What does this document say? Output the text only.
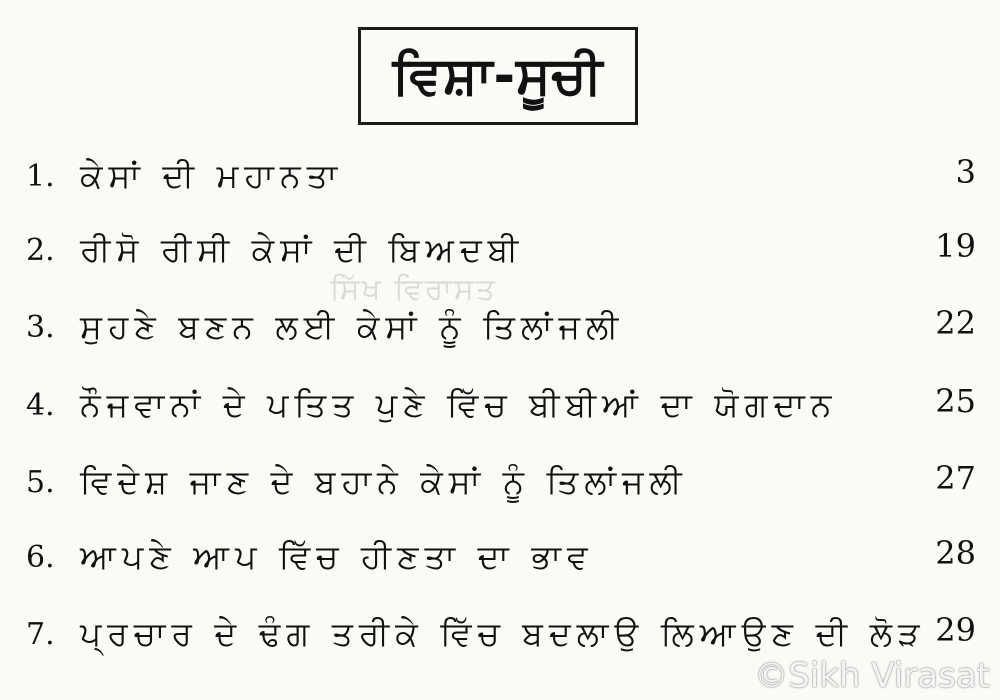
ਵਿਸ਼ਾ-ਸੂਚੀ
1. ਕੇਸਾਂ ਦੀ ਮਹਾਨਤਾ	3
2. ਰੀਸੋ ਰੀਸੀ ਕੇਸਾਂ ਦੀ ਬਿਅਦਬੀ	19
3. ਸੁਹਣੇ ਬਣਨ ਲਈ ਕੇਸਾਂ ਨੂੰ ਤਿਲਾਂਜਲੀ	22
4. ਨੌਜਵਾਨਾਂ ਦੇ ਪਤਿਤ ਪੁਣੇ ਵਿੱਚ ਬੀਬੀਆਂ ਦਾ ਯੋਗਦਾਨ	25
5. ਵਿਦੇਸ਼ ਜਾਣ ਦੇ ਬਹਾਨੇ ਕੇਸਾਂ ਨੂੰ ਤਿਲਾਂਜਲੀ	27
6. ਆਪਣੇ ਆਪ ਵਿੱਚ ਹੀਣਤਾ ਦਾ ਭਾਵ	28
7. ਪ੍ਰਚਾਰ ਦੇ ਢੰਗ ਤਰੀਕੇ ਵਿੱਚ ਬਦਲਾਉ ਲਿਆਉਣ ਦੀ ਲੋੜ 29
ਸਿੱਖ ਵਿਰਾਸਤ
©Sikh Virasat
